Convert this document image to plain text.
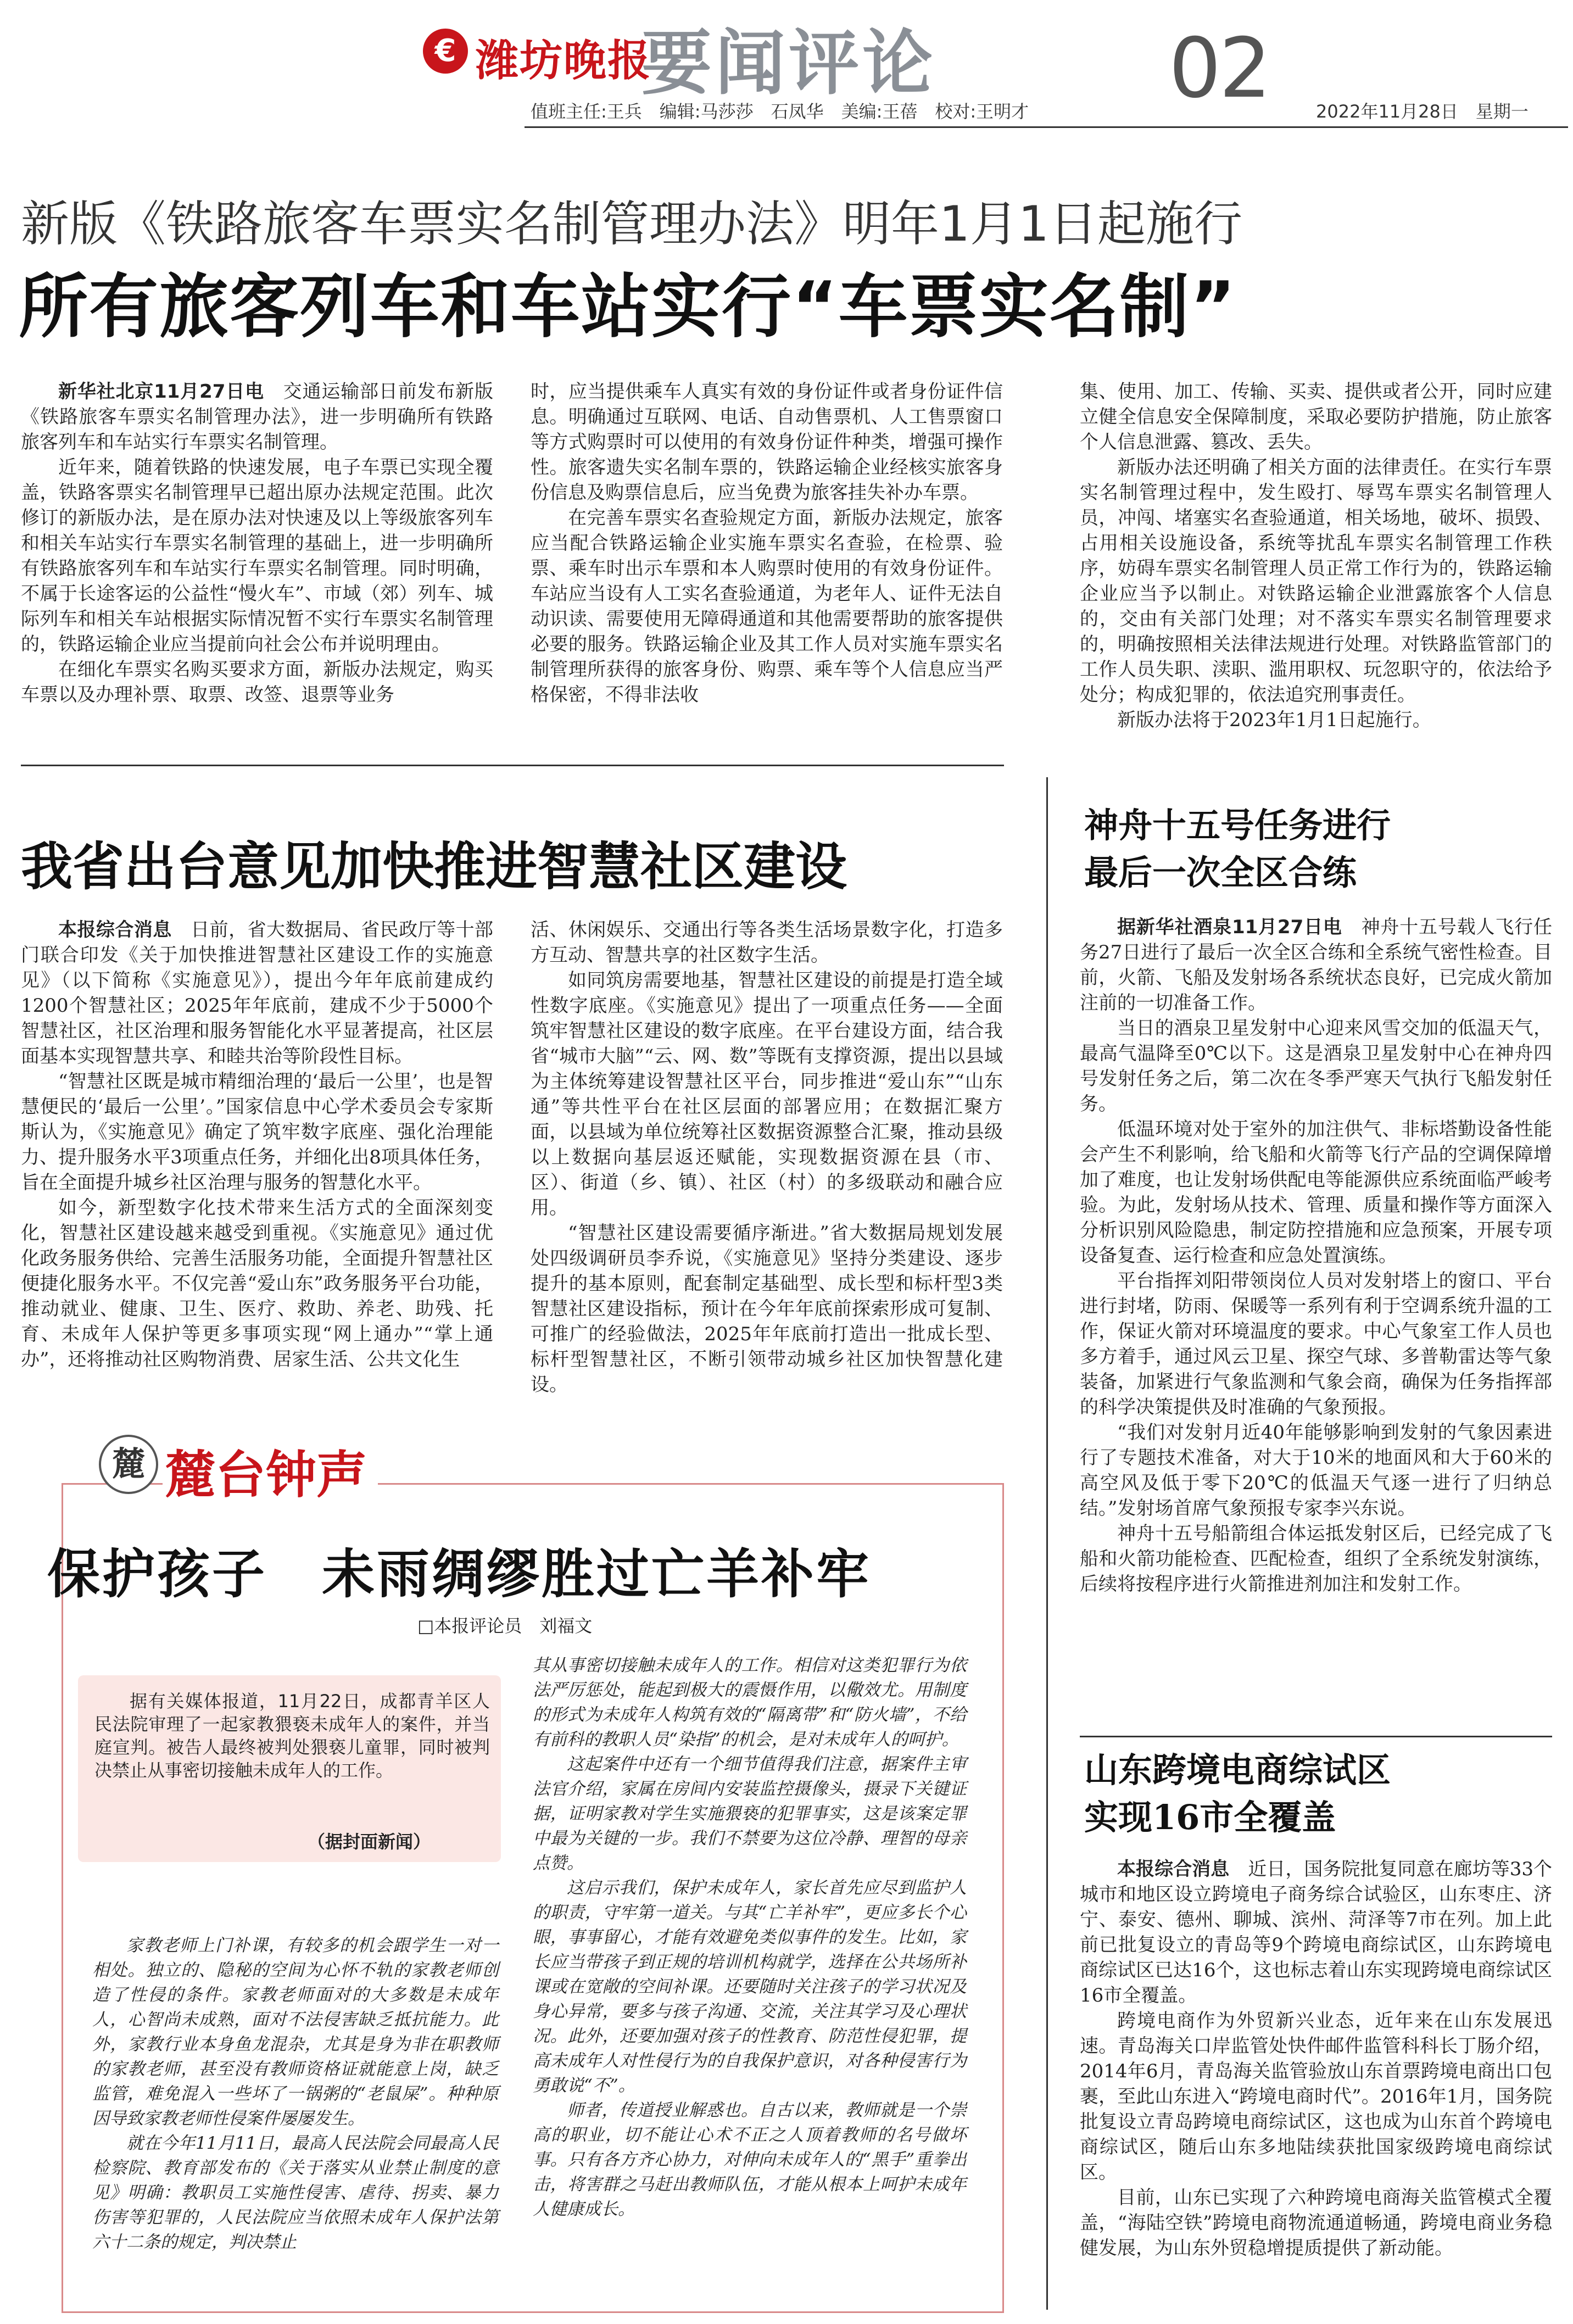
€ 潍坊晚报
要闻评论	02
值班主任:王兵　编辑:马莎莎　石凤华　美编:王蓓　校对:王明才	2022年11月28日　星期一
新版《铁路旅客车票实名制管理办法》明年1月1日起施行
所有旅客列车和车站实行“车票实名制”

新华社北京11月27日电　 交通运输部日前发布新版《铁路旅客车票实名制管理办法》，进一步明确所有铁路旅客列车和车站实行车票实名制管理。

近年来，随着铁路的快速发展，电子车票已实现全覆盖，铁路客票实名制管理早已超出原办法规定范围。此次修订的新版办法，是在原办法对快速及以上等级旅客列车和相关车站实行车票实名制管理的基础上，进一步明确所有铁路旅客列车和车站实行车票实名制管理。同时明确，不属于长途客运的公益性“慢火车”、市域（郊）列车、城际列车和相关车站根据实际情况暂不实行车票实名制管理的，铁路运输企业应当提前向社会公布并说明理由。

在细化车票实名购买要求方面，新版办法规定，购买车票以及办理补票、取票、改签、退票等业务

时，应当提供乘车人真实有效的身份证件或者身份证件信息。明确通过互联网、电话、自动售票机、人工售票窗口等方式购票时可以使用的有效身份证件种类，增强可操作性。旅客遗失实名制车票的，铁路运输企业经核实旅客身份信息及购票信息后，应当免费为旅客挂失补办车票。

在完善车票实名查验规定方面，新版办法规定，旅客应当配合铁路运输企业实施车票实名查验，在检票、验票、乘车时出示车票和本人购票时使用的有效身份证件。车站应当设有人工实名查验通道，为老年人、证件无法自动识读、需要使用无障碍通道和其他需要帮助的旅客提供必要的服务。铁路运输企业及其工作人员对实施车票实名制管理所获得的旅客身份、购票、乘车等个人信息应当严格保密，不得非法收

集、使用、加工、传输、买卖、提供或者公开，同时应建立健全信息安全保障制度，采取必要防护措施，防止旅客个人信息泄露、篡改、丢失。

新版办法还明确了相关方面的法律责任。在实行车票实名制管理过程中，发生殴打、辱骂车票实名制管理人员，冲闯、堵塞实名查验通道，相关场地，破坏、损毁、占用相关设施设备，系统等扰乱车票实名制管理工作秩序，妨碍车票实名制管理人员正常工作行为的，铁路运输企业应当予以制止。对铁路运输企业泄露旅客个人信息的，交由有关部门处理；对不落实车票实名制管理要求的，明确按照相关法律法规进行处理。对铁路监管部门的工作人员失职、渎职、滥用职权、玩忽职守的，依法给予处分；构成犯罪的，依法追究刑事责任。

新版办法将于2023年1月1日起施行。

我省出台意见加快推进智慧社区建设

本报综合消息　 日前，省大数据局、省民政厅等十部门联合印发《关于加快推进智慧社区建设工作的实施意见》（以下简称《实施意见》），提出今年年底前建成约1200个智慧社区；2025年年底前，建成不少于5000个智慧社区，社区治理和服务智能化水平显著提高，社区层面基本实现智慧共享、和睦共治等阶段性目标。

“智慧社区既是城市精细治理的‘最后一公里’，也是智慧便民的‘最后一公里’。”国家信息中心学术委员会专家斯斯认为，《实施意见》确定了筑牢数字底座、强化治理能力、提升服务水平3项重点任务，并细化出8项具体任务，旨在全面提升城乡社区治理与服务的智慧化水平。

如今，新型数字化技术带来生活方式的全面深刻变化，智慧社区建设越来越受到重视。《实施意见》通过优化政务服务供给、完善生活服务功能，全面提升智慧社区便捷化服务水平。不仅完善“爱山东”政务服务平台功能，推动就业、健康、卫生、医疗、救助、养老、助残、托育、未成年人保护等更多事项实现“网上通办”“掌上通办”，还将推动社区购物消费、居家生活、公共文化生

活、休闲娱乐、交通出行等各类生活场景数字化，打造多方互动、智慧共享的社区数字生活。

如同筑房需要地基，智慧社区建设的前提是打造全域性数字底座。《实施意见》提出了一项重点任务——全面筑牢智慧社区建设的数字底座。在平台建设方面，结合我省“城市大脑”“云、网、数”等既有支撑资源，提出以县域为主体统筹建设智慧社区平台，同步推进“爱山东”“山东通”等共性平台在社区层面的部署应用；在数据汇聚方面，以县域为单位统筹社区数据资源整合汇聚，推动县级以上数据向基层返还赋能，实现数据资源在县（市、区）、街道（乡、镇）、社区（村）的多级联动和融合应用。

“智慧社区建设需要循序渐进。”省大数据局规划发展处四级调研员李乔说，《实施意见》坚持分类建设、逐步提升的基本原则，配套制定基础型、成长型和标杆型3类智慧社区建设指标，预计在今年年底前探索形成可复制、可推广的经验做法，2025年年底前打造出一批成长型、标杆型智慧社区，不断引领带动城乡社区加快智慧化建设。

神舟十五号任务进行
最后一次全区合练

据新华社酒泉11月27日电　 神舟十五号载人飞行任务27日进行了最后一次全区合练和全系统气密性检查。目前，火箭、飞船及发射场各系统状态良好，已完成火箭加注前的一切准备工作。

当日的酒泉卫星发射中心迎来风雪交加的低温天气，最高气温降至0℃以下。这是酒泉卫星发射中心在神舟四号发射任务之后，第二次在冬季严寒天气执行飞船发射任务。

低温环境对处于室外的加注供气、非标塔勤设备性能会产生不利影响，给飞船和火箭等飞行产品的空调保障增加了难度，也让发射场供配电等能源供应系统面临严峻考验。为此，发射场从技术、管理、质量和操作等方面深入分析识别风险隐患，制定防控措施和应急预案，开展专项设备复查、运行检查和应急处置演练。

平台指挥刘阳带领岗位人员对发射塔上的窗口、平台进行封堵，防雨、保暖等一系列有利于空调系统升温的工作，保证火箭对环境温度的要求。中心气象室工作人员也多方着手，通过风云卫星、探空气球、多普勒雷达等气象装备，加紧进行气象监测和气象会商，确保为任务指挥部的科学决策提供及时准确的气象预报。

“我们对发射月近40年能够影响到发射的气象因素进行了专题技术准备，对大于10米的地面风和大于60米的高空风及低于零下20℃的低温天气逐一进行了归纳总结。”发射场首席气象预报专家李兴东说。

神舟十五号船箭组合体运抵发射区后，已经完成了飞船和火箭功能检查、匹配检查，组织了全系统发射演练，后续将按程序进行火箭推进剂加注和发射工作。

山东跨境电商综试区
实现16市全覆盖

本报综合消息　 近日，国务院批复同意在廊坊等33个城市和地区设立跨境电子商务综合试验区，山东枣庄、济宁、泰安、德州、聊城、滨州、菏泽等7市在列。加上此前已批复设立的青岛等9个跨境电商综试区，山东跨境电商综试区已达16个，这也标志着山东实现跨境电商综试区16市全覆盖。

跨境电商作为外贸新兴业态，近年来在山东发展迅速。青岛海关口岸监管处快件邮件监管科科长丁肠介绍，2014年6月，青岛海关监管验放山东首票跨境电商出口包裹，至此山东进入“跨境电商时代”。2016年1月，国务院批复设立青岛跨境电商综试区，这也成为山东首个跨境电商综试区，随后山东多地陆续获批国家级跨境电商综试区。

目前，山东已实现了六种跨境电商海关监管模式全覆盖，“海陆空铁”跨境电商物流通道畅通，跨境电商业务稳健发展，为山东外贸稳增提质提供了新动能。

麓 麓台钟声
保护孩子　未雨绸缪胜过亡羊补牢
□本报评论员　刘福文
据有关媒体报道，11月22日，成都青羊区人民法院审理了一起家教猥亵未成年人的案件，并当庭宣判。被告人最终被判处猥亵儿童罪，同时被判决禁止从事密切接触未成年人的工作。
（据封面新闻）

家教老师上门补课，有较多的机会跟学生一对一相处。独立的、隐秘的空间为心怀不轨的家教老师创造了性侵的条件。家教老师面对的大多数是未成年人，心智尚未成熟，面对不法侵害缺乏抵抗能力。此外，家教行业本身鱼龙混杂，尤其是身为非在职教师的家教老师，甚至没有教师资格证就能意上岗，缺乏监管，难免混入一些坏了一锅粥的“老鼠屎”。种种原因导致家教老师性侵案件屡屡发生。

就在今年11月11日，最高人民法院会同最高人民检察院、教育部发布的《关于落实从业禁止制度的意见》明确：教职员工实施性侵害、虐待、拐卖、暴力伤害等犯罪的，人民法院应当依照未成年人保护法第六十二条的规定，判决禁止

其从事密切接触未成年人的工作。相信对这类犯罪行为依法严厉惩处，能起到极大的震慑作用，以儆效尤。用制度的形式为未成年人构筑有效的“隔离带”和“防火墙”，不给有前科的教职人员“染指”的机会，是对未成年人的呵护。

这起案件中还有一个细节值得我们注意，据案件主审法官介绍，家属在房间内安装监控摄像头，摄录下关键证据，证明家教对学生实施猥亵的犯罪事实，这是该案定罪中最为关键的一步。我们不禁要为这位冷静、理智的母亲点赞。

这启示我们，保护未成年人，家长首先应尽到监护人的职责，守牢第一道关。与其“亡羊补牢”，更应多长个心眼，事事留心，才能有效避免类似事件的发生。比如，家长应当带孩子到正规的培训机构就学，选择在公共场所补课或在宽敞的空间补课。还要随时关注孩子的学习状况及身心异常，要多与孩子沟通、交流，关注其学习及心理状况。此外，还要加强对孩子的性教育、防范性侵犯罪，提高未成年人对性侵行为的自我保护意识，对各种侵害行为勇敢说“不”。

师者，传道授业解惑也。自古以来，教师就是一个崇高的职业，切不能让心术不正之人顶着教师的名号做坏事。只有各方齐心协力，对伸向未成年人的“黑手”重拳出击，将害群之马赶出教师队伍，才能从根本上呵护未成年人健康成长。
